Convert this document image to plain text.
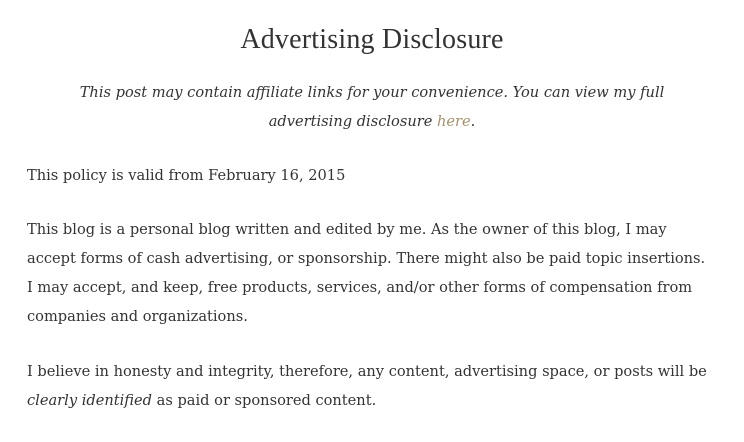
Advertising Disclosure

This post may contain affiliate links for your convenience. You can view my full advertising disclosure here.

This policy is valid from February 16, 2015

This blog is a personal blog written and edited by me. As the owner of this blog, I may accept forms of cash advertising, or sponsorship. There might also be paid topic insertions. I may accept, and keep, free products, services, and/or other forms of compensation from companies and organizations.

I believe in honesty and integrity, therefore, any content, advertising space, or posts will be clearly identified as paid or sponsored content.
